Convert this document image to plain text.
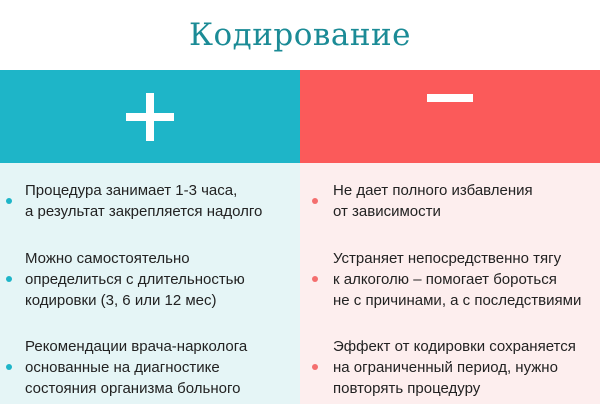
Кодирование
Процедура занимает 1-3 часа,
а результат закрепляется надолго
Можно самостоятельно
определиться с длительностью
кодировки (3, 6 или 12 мес)
Рекомендации врача-нарколога
основанные на диагностике
состояния организма больного
Не дает полного избавления
от зависимости
Устраняет непосредственно тягу
к алкоголю – помогает бороться
не с причинами, а с последствиями
Эффект от кодировки сохраняется
на ограниченный период, нужно
повторять процедуру
